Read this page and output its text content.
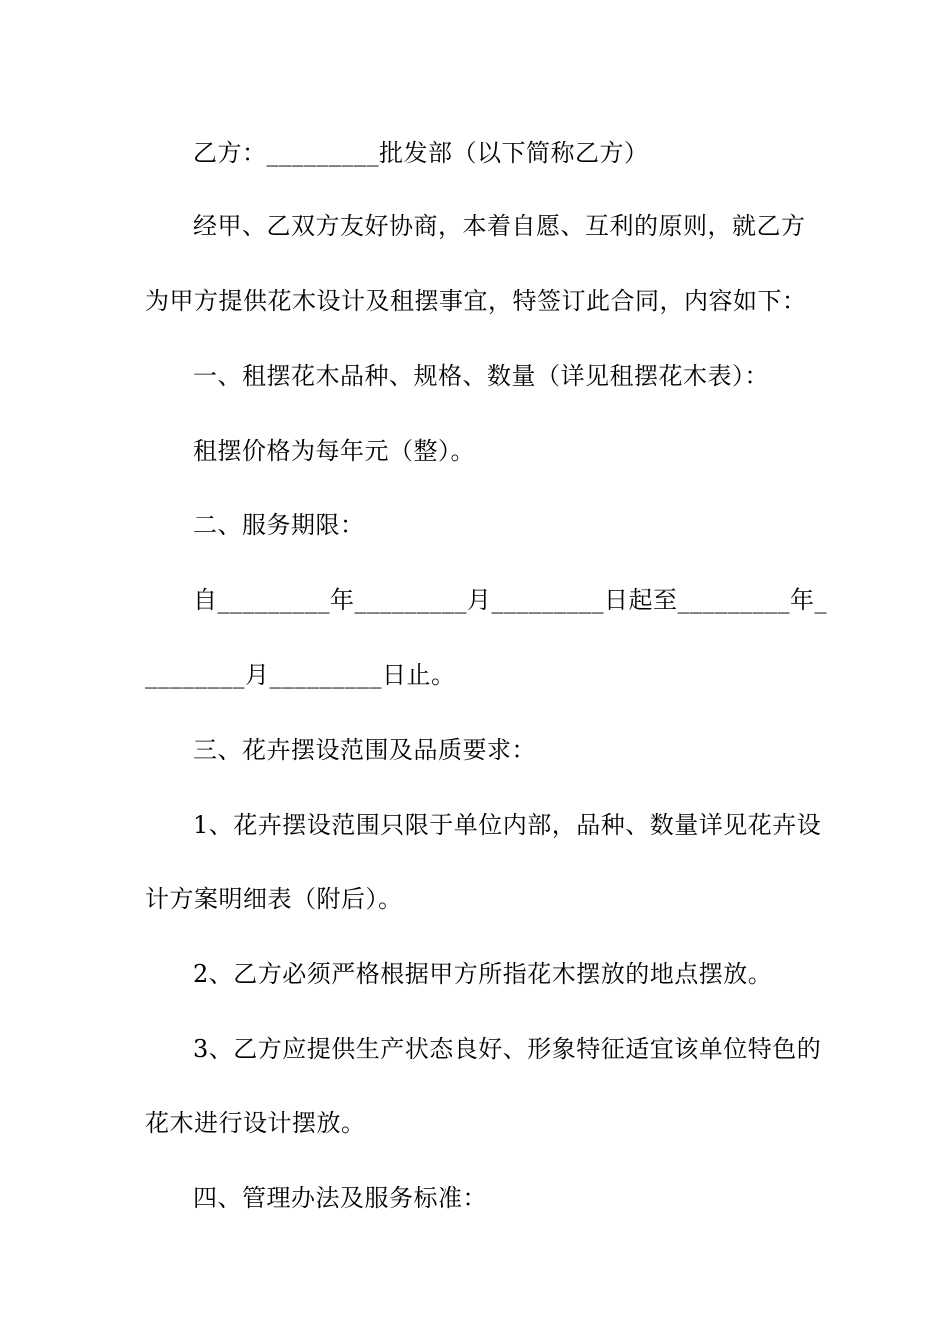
乙方：_________批发部（以下简称乙方）
经甲、乙双方友好协商，本着自愿、互利的原则，就乙方
为甲方提供花木设计及租摆事宜，特签订此合同，内容如下：
一、租摆花木品种、规格、数量（详见租摆花木表）：
租摆价格为每年元（整）。
二、服务期限：
自_________年_________月_________日起至_________年_
________月_________日止。
三、花卉摆设范围及品质要求：
1、花卉摆设范围只限于单位内部，品种、数量详见花卉设
计方案明细表（附后）。
2、乙方必须严格根据甲方所指花木摆放的地点摆放。
3、乙方应提供生产状态良好、形象特征适宜该单位特色的
花木进行设计摆放。
四、管理办法及服务标准：
